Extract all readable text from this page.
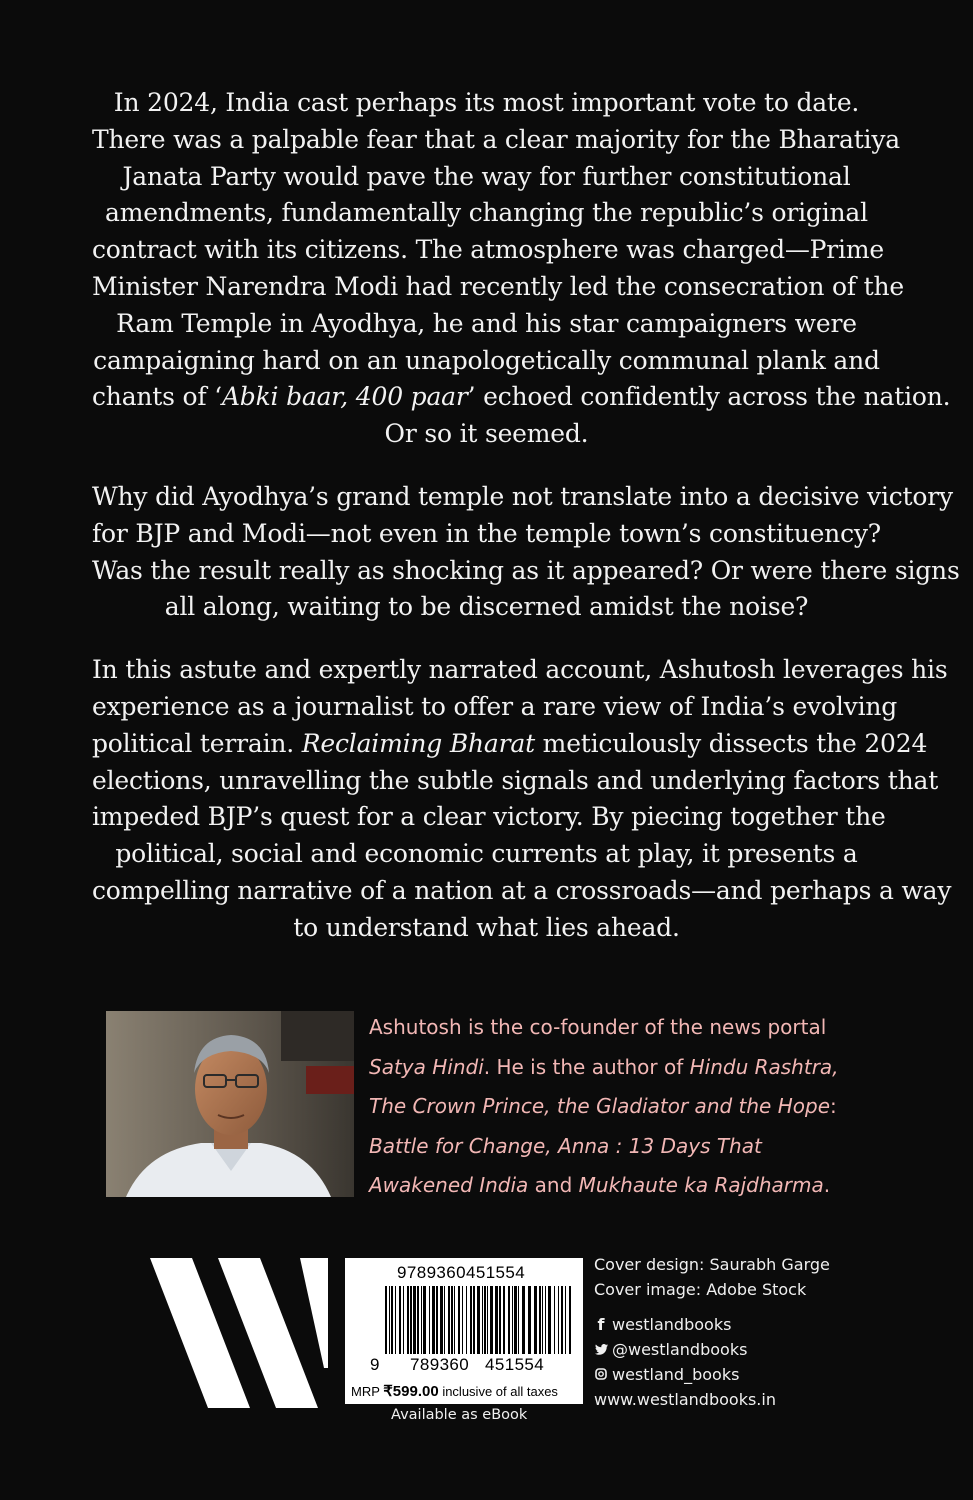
In 2024, India cast perhaps its most important vote to date.
There was a palpable fear that a clear majority for the Bharatiya
Janata Party would pave the way for further constitutional
amendments, fundamentally changing the republic’s original
contract with its citizens. The atmosphere was charged—Prime
Minister Narendra Modi had recently led the consecration of the
Ram Temple in Ayodhya, he and his star campaigners were
campaigning hard on an unapologetically communal plank and
chants of ‘Abki baar, 400 paar’ echoed confidently across the nation.
Or so it seemed.

Why did Ayodhya’s grand temple not translate into a decisive victory
for BJP and Modi—not even in the temple town’s constituency?
Was the result really as shocking as it appeared? Or were there signs
all along, waiting to be discerned amidst the noise?

In this astute and expertly narrated account, Ashutosh leverages his
experience as a journalist to offer a rare view of India’s evolving
political terrain. Reclaiming Bharat meticulously dissects the 2024
elections, unravelling the subtle signals and underlying factors that
impeded BJP’s quest for a clear victory. By piecing together the
political, social and economic currents at play, it presents a
compelling narrative of a nation at a crossroads—and perhaps a way
to understand what lies ahead.

Ashutosh is the co-founder of the news portal
Satya Hindi. He is the author of Hindu Rashtra,
The Crown Prince, the Gladiator and the Hope:
Battle for Change, Anna : 13 Days That
Awakened India and Mukhaute ka Rajdharma.
9789360451554
9 789360 451554
MRP ₹599.00 inclusive of all taxes
Available as eBook
Cover design: Saurabh Garge
Cover image: Adobe Stock
f westlandbooks
@westlandbooks
westland_books
www.westlandbooks.in
